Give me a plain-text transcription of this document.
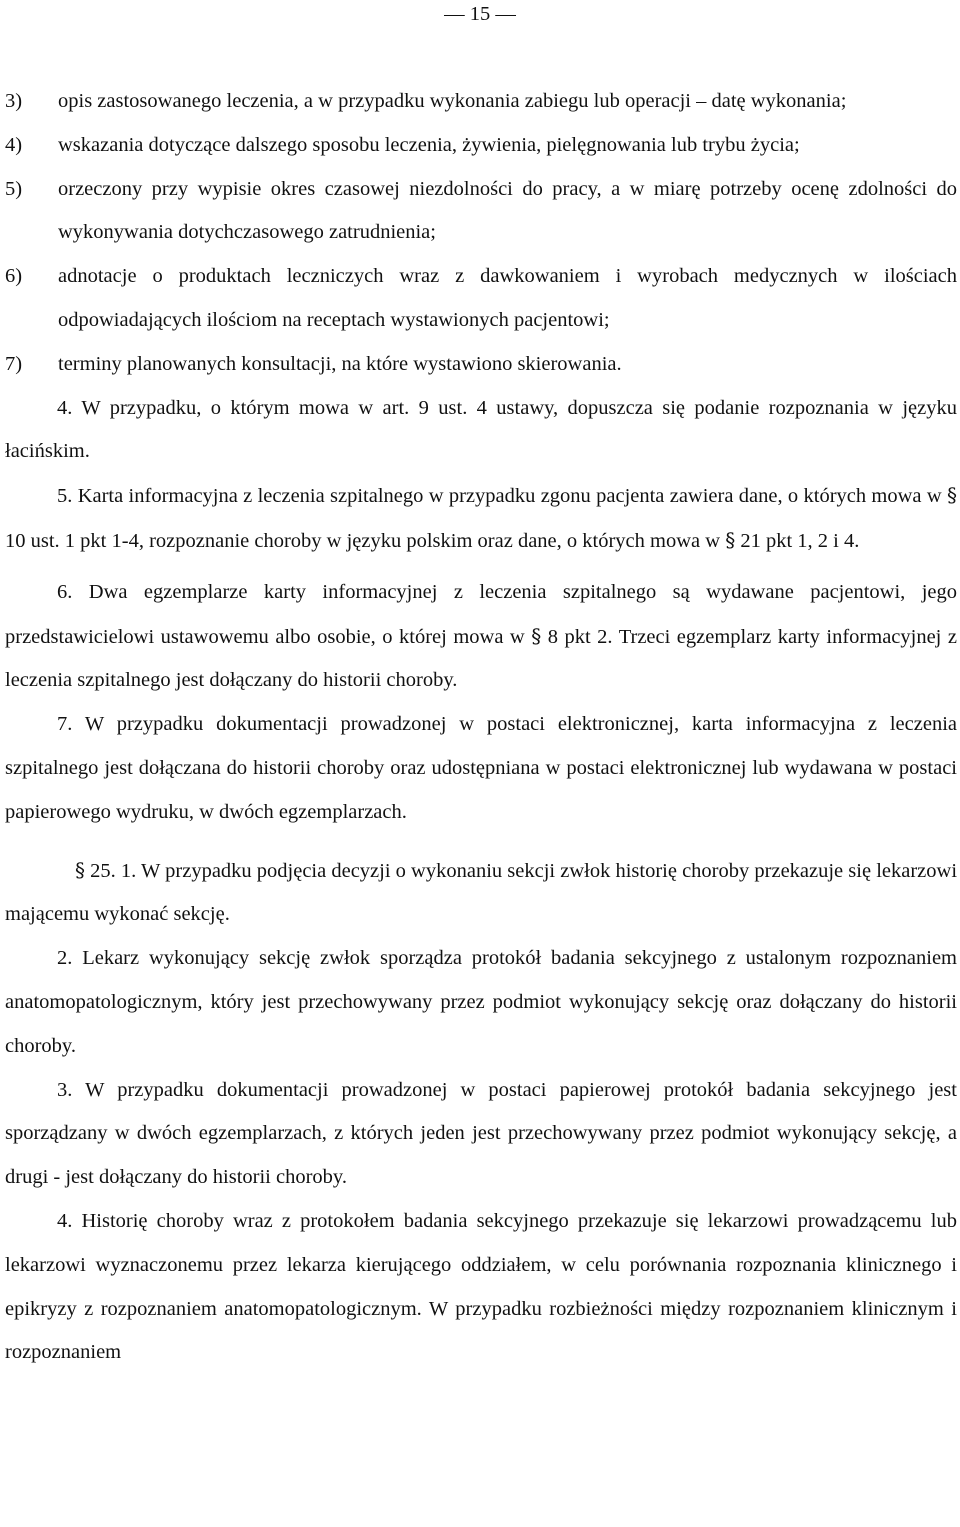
— 15 —
3) opis zastosowanego leczenia, a w przypadku wykonania zabiegu lub operacji – datę wykonania;
4) wskazania dotyczące dalszego sposobu leczenia, żywienia, pielęgnowania lub trybu życia;
5) orzeczony przy wypisie okres czasowej niezdolności do pracy, a w miarę potrzeby ocenę zdolności do wykonywania dotychczasowego zatrudnienia;
6) adnotacje o produktach leczniczych wraz z dawkowaniem i wyrobach medycznych w ilościach odpowiadających ilościom na receptach wystawionych pacjentowi;
7) terminy planowanych konsultacji, na które wystawiono skierowania.
4. W przypadku, o którym mowa w art. 9 ust. 4 ustawy, dopuszcza się podanie rozpoznania w języku łacińskim.
5. Karta informacyjna z leczenia szpitalnego w przypadku zgonu pacjenta zawiera dane, o których mowa w § 10 ust. 1 pkt 1-4, rozpoznanie choroby w języku polskim oraz dane, o których mowa w § 21 pkt 1, 2 i 4.
6. Dwa egzemplarze karty informacyjnej z leczenia szpitalnego są wydawane pacjentowi, jego przedstawicielowi ustawowemu albo osobie, o której mowa w § 8 pkt 2. Trzeci egzemplarz karty informacyjnej z leczenia szpitalnego jest dołączany do historii choroby.
7. W przypadku dokumentacji prowadzonej w postaci elektronicznej, karta informacyjna z leczenia szpitalnego jest dołączana do historii choroby oraz udostępniana w postaci elektronicznej lub wydawana w postaci papierowego wydruku, w dwóch egzemplarzach.
§ 25. 1. W przypadku podjęcia decyzji o wykonaniu sekcji zwłok historię choroby przekazuje się lekarzowi mającemu wykonać sekcję.
2. Lekarz wykonujący sekcję zwłok sporządza protokół badania sekcyjnego z ustalonym rozpoznaniem anatomopatologicznym, który jest przechowywany przez podmiot wykonujący sekcję oraz dołączany do historii choroby.
3. W przypadku dokumentacji prowadzonej w postaci papierowej protokół badania sekcyjnego jest sporządzany w dwóch egzemplarzach, z których jeden jest przechowywany przez podmiot wykonujący sekcję, a drugi - jest dołączany do historii choroby.
4. Historię choroby wraz z protokołem badania sekcyjnego przekazuje się lekarzowi prowadzącemu lub lekarzowi wyznaczonemu przez lekarza kierującego oddziałem, w celu porównania rozpoznania klinicznego i epikryzy z rozpoznaniem anatomopatologicznym. W przypadku rozbieżności między rozpoznaniem klinicznym i rozpoznaniem
